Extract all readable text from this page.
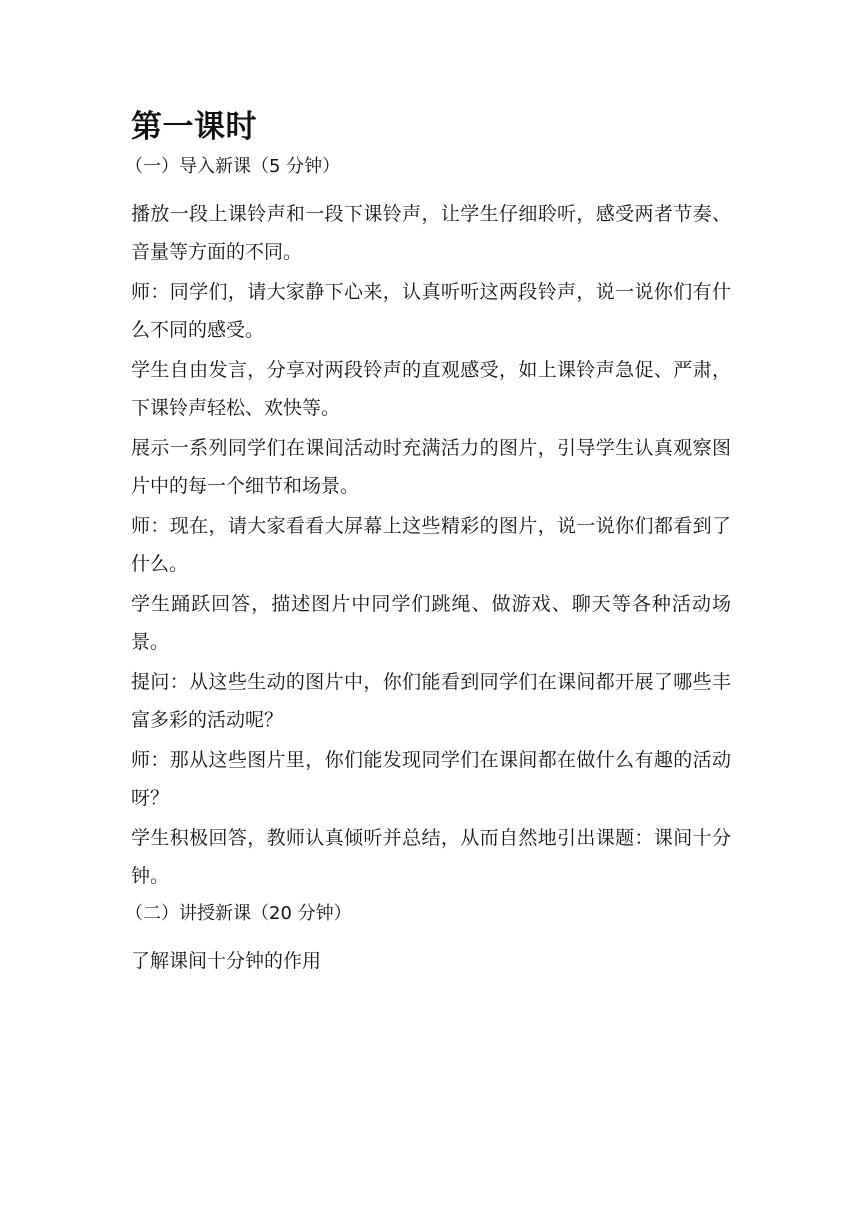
第一课时
（一）导入新课（5 分钟）

播放一段上课铃声和一段下课铃声，让学生仔细聆听，感受两者节奏、音量等方面的不同。

师：同学们，请大家静下心来，认真听听这两段铃声，说一说你们有什么不同的感受。

学生自由发言，分享对两段铃声的直观感受，如上课铃声急促、严肃，下课铃声轻松、欢快等。

展示一系列同学们在课间活动时充满活力的图片，引导学生认真观察图片中的每一个细节和场景。

师：现在，请大家看看大屏幕上这些精彩的图片，说一说你们都看到了什么。

学生踊跃回答，描述图片中同学们跳绳、做游戏、聊天等各种活动场景。

提问：从这些生动的图片中，你们能看到同学们在课间都开展了哪些丰富多彩的活动呢？

师：那从这些图片里，你们能发现同学们在课间都在做什么有趣的活动呀？

学生积极回答，教师认真倾听并总结，从而自然地引出课题：课间十分钟。

（二）讲授新课（20 分钟）

了解课间十分钟的作用
